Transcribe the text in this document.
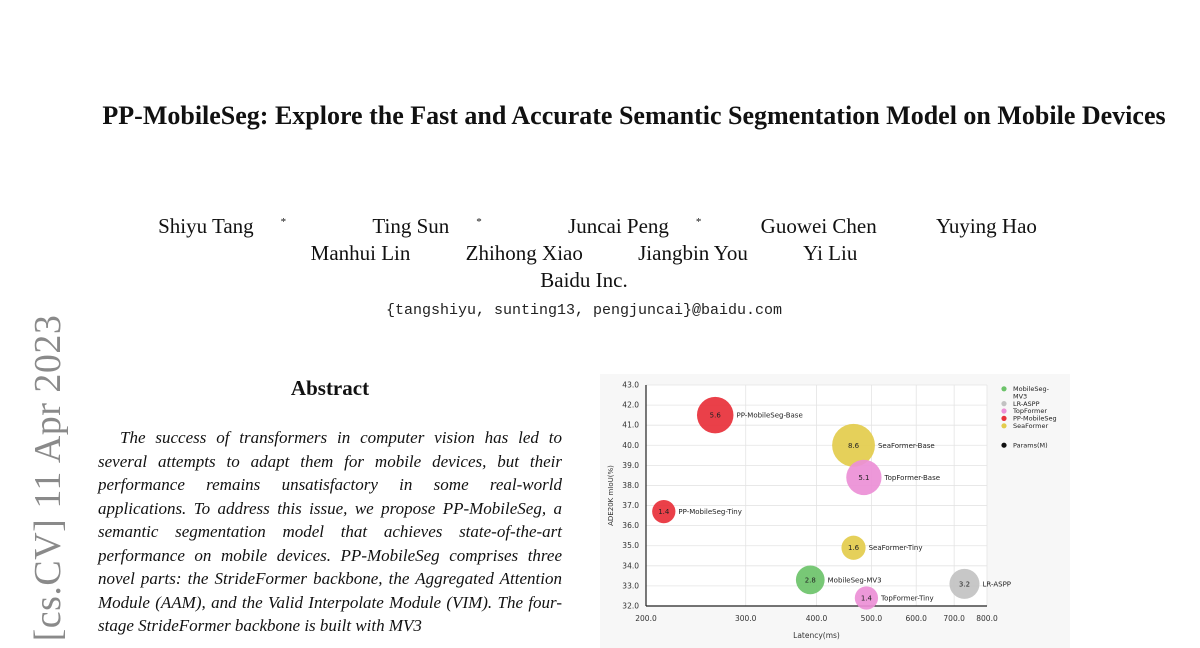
[cs.CV] 11 Apr 2023
PP-MobileSeg: Explore the Fast and Accurate Semantic Segmentation Model on Mobile Devices
Shiyu Tang *	Ting Sun *	Juncai Peng *	Guowei Chen	Yuying Hao
Manhui Lin	Zhihong Xiao	Jiangbin You	Yi Liu
Baidu Inc.
{tangshiyu, sunting13, pengjuncai}@baidu.com
Abstract

The success of transformers in computer vision has led to several attempts to adapt them for mobile devices, but their performance remains unsatisfactory in some real-world applications. To address this issue, we propose PP-MobileSeg, a semantic segmentation model that achieves state-of-the-art performance on mobile devices. PP-MobileSeg comprises three novel parts: the StrideFormer backbone, the Aggregated Attention Module (AAM), and the Valid Interpolate Module (VIM). The four-stage StrideFormer backbone is built with MV3

32.0
33.0
34.0
35.0
36.0
37.0
38.0
39.0
40.0
41.0
42.0
43.0
200.0	300.0	400.0	500.0	600.0 700.0 800.0
Latency(ms)
ADE20K mIoU(%)
5.6 PP-MobileSeg-Base
1.4 PP-MobileSeg-Tiny
8.6	SeaFormer-Base
5.1 TopFormer-Base
1.6 SeaFormer-Tiny
2.8 MobileSeg-MV3
3.2 LR-ASPP
1.4 TopFormer-Tiny
MobileSeg-
MV3
LR-ASPP
TopFormer
PP-MobileSeg
SeaFormer
Params(M)
